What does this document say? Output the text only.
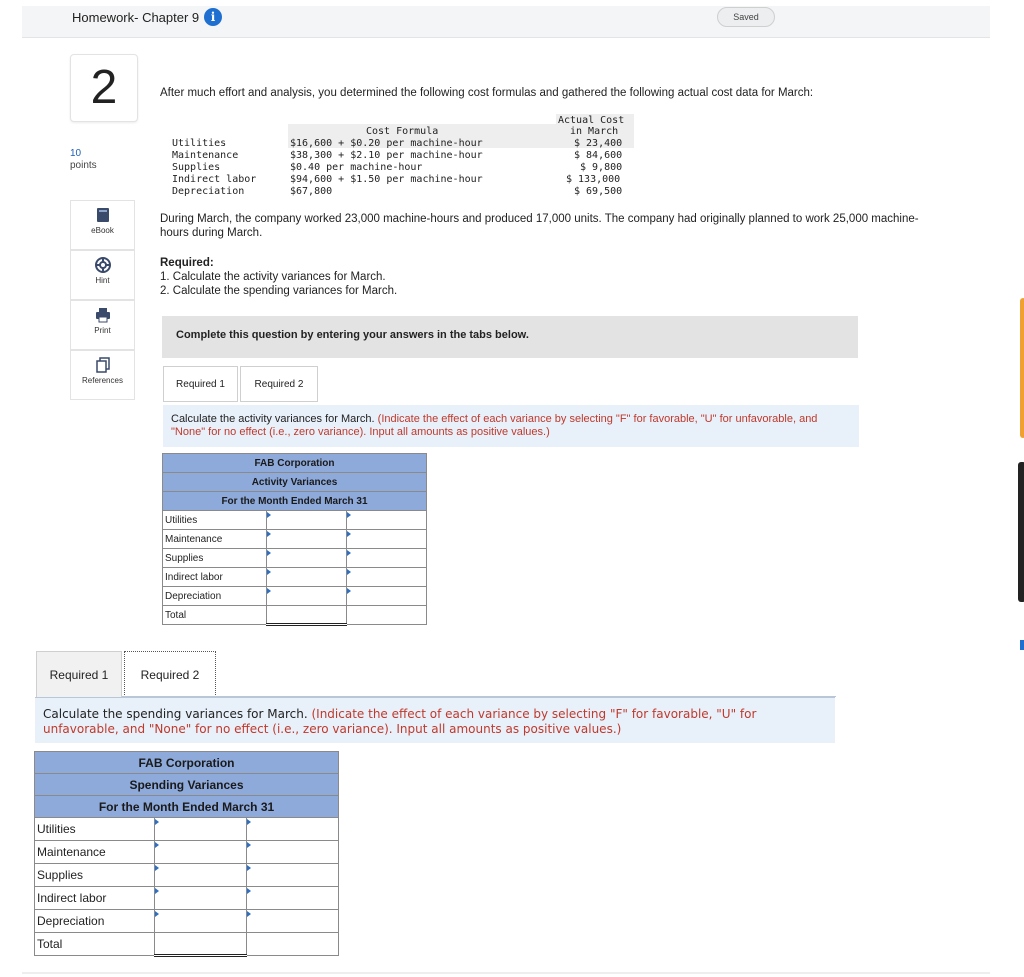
Homework- Chapter 9 i	Saved
2
10
points
eBook
Hint
Print
References
After much effort and analysis, you determined the following cost formulas and gathered the following actual cost data for March:
Cost Formula
Actual Cost
in March
Utilities	$16,600 + $0.20 per machine-hour	$ 23,400
Maintenance	$38,300 + $2.10 per machine-hour	$ 84,600
Supplies	$0.40 per machine-hour	$ 9,800
Indirect labor	$94,600 + $1.50 per machine-hour	$ 133,000
Depreciation	$67,800	$ 69,500
During March, the company worked 23,000 machine-hours and produced 17,000 units. The company had originally planned to work 25,000 machine-hours during March.
Required:
1. Calculate the activity variances for March.
2. Calculate the spending variances for March.
Complete this question by entering your answers in the tabs below.
Required 1	Required 2
Calculate the activity variances for March. (Indicate the effect of each variance by selecting "F" for favorable, "U" for unfavorable, and "None" for no effect (i.e., zero variance). Input all amounts as positive values.)
FAB Corporation		
Activity Variances		
For the Month Ended March 31		
Utilities	

Maintenance	

Supplies	

Indirect labor	

Depreciation	

Total		
Required 1	Required 2
Calculate the spending variances for March. (Indicate the effect of each variance by selecting "F" for favorable, "U" for unfavorable, and "None" for no effect (i.e., zero variance). Input all amounts as positive values.)
FAB Corporation		
Spending Variances		
For the Month Ended March 31		
Utilities	

Maintenance	

Supplies	

Indirect labor	

Depreciation	

Total		
